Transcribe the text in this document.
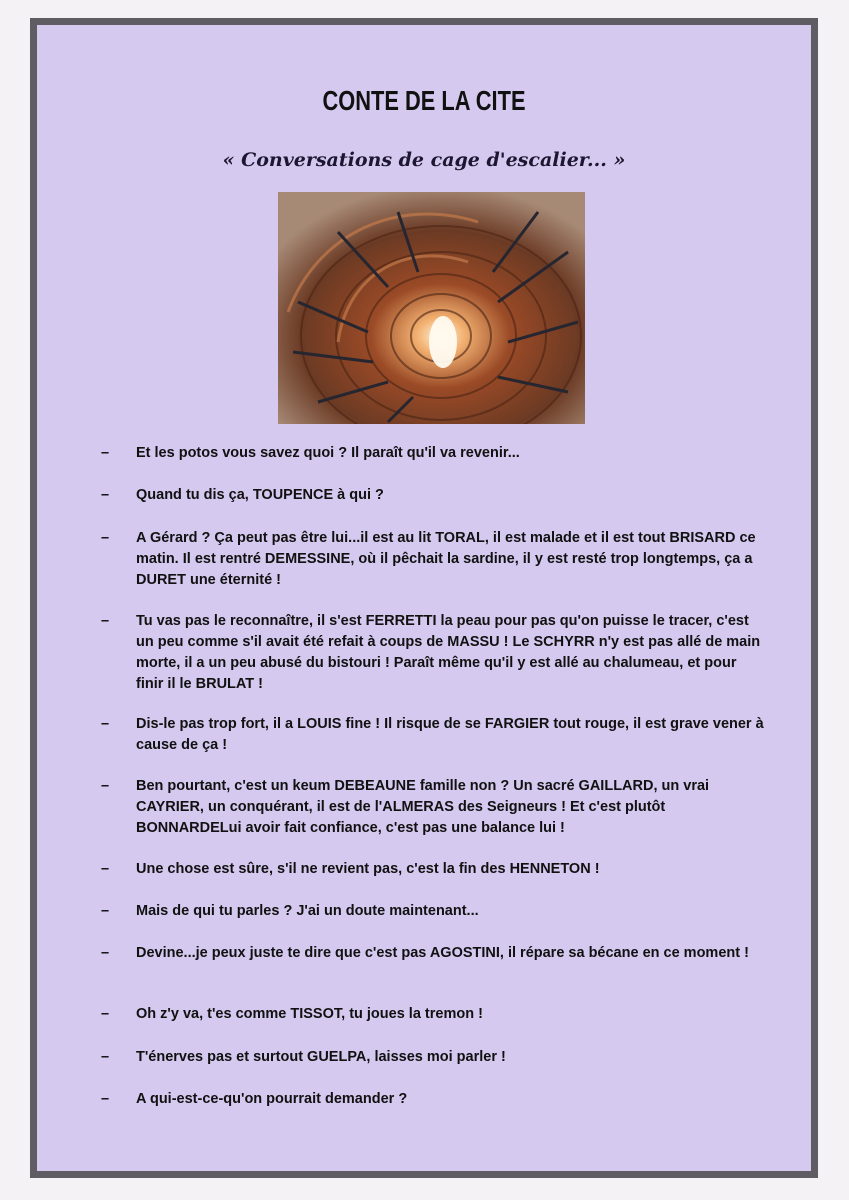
CONTE DE LA CITE
« Conversations de cage d'escalier... »
– Et les potos vous savez quoi ? Il paraît qu'il va revenir...
– Quand tu dis ça, TOUPENCE à qui ?
– A Gérard ? Ça peut pas être lui...il est au lit TORAL, il est malade et il est tout BRISARD ce matin. Il est rentré DEMESSINE, où il pêchait la sardine, il y est resté trop longtemps, ça a DURET une éternité !
– Tu vas pas le reconnaître, il s'est FERRETTI la peau pour pas qu'on puisse le tracer, c'est un peu comme s'il avait été refait à coups de MASSU ! Le SCHYRR n'y est pas allé de main morte, il a un peu abusé du bistouri ! Paraît même qu'il y est allé au chalumeau, et pour finir il le BRULAT !
– Dis-le pas trop fort, il a LOUIS fine ! Il risque de se FARGIER tout rouge, il est grave vener à cause de ça !
– Ben pourtant, c'est un keum DEBEAUNE famille non ? Un sacré GAILLARD, un vrai CAYRIER, un conquérant, il est de l'ALMERAS des Seigneurs ! Et c'est plutôt BONNARDELui avoir fait confiance, c'est pas une balance lui !
– Une chose est sûre, s'il ne revient pas, c'est la fin des HENNETON !
– Mais de qui tu parles ? J'ai un doute maintenant...
– Devine...je peux juste te dire que c'est pas AGOSTINI, il répare sa bécane en ce moment !
– Oh z'y va, t'es comme TISSOT, tu joues la tremon !
– T'énerves pas et surtout GUELPA, laisses moi parler !
– A qui-est-ce-qu'on pourrait demander ?
